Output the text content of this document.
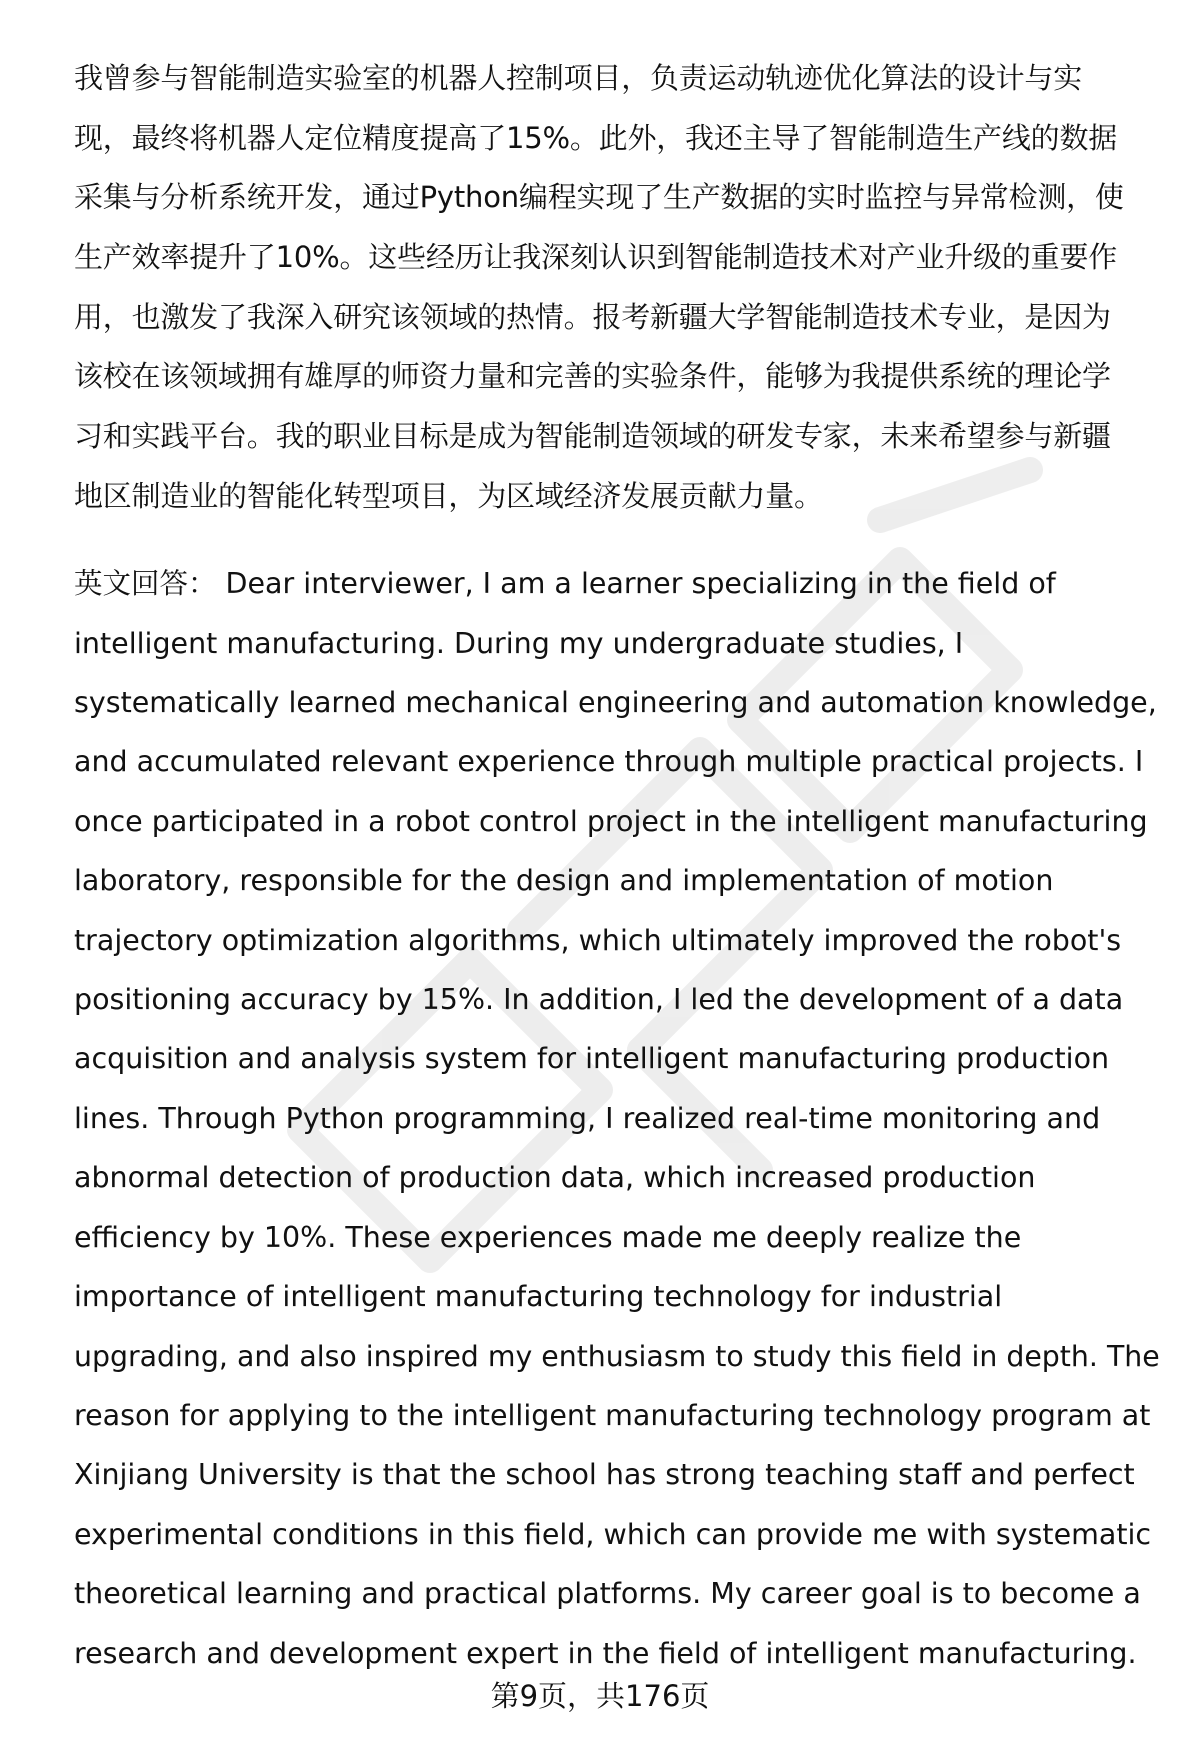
我曾参与智能制造实验室的机器人控制项目，负责运动轨迹优化算法的设计与实
现，最终将机器人定位精度提高了15%。此外，我还主导了智能制造生产线的数据
采集与分析系统开发，通过Python编程实现了生产数据的实时监控与异常检测，使
生产效率提升了10%。这些经历让我深刻认识到智能制造技术对产业升级的重要作
用，也激发了我深入研究该领域的热情。报考新疆大学智能制造技术专业，是因为
该校在该领域拥有雄厚的师资力量和完善的实验条件，能够为我提供系统的理论学
习和实践平台。我的职业目标是成为智能制造领域的研发专家，未来希望参与新疆
地区制造业的智能化转型项目，为区域经济发展贡献力量。
英文回答： Dear interviewer, I am a learner specializing in the field of
intelligent manufacturing. During my undergraduate studies, I
systematically learned mechanical engineering and automation knowledge,
and accumulated relevant experience through multiple practical projects. I
once participated in a robot control project in the intelligent manufacturing
laboratory, responsible for the design and implementation of motion
trajectory optimization algorithms, which ultimately improved the robot's
positioning accuracy by 15%. In addition, I led the development of a data
acquisition and analysis system for intelligent manufacturing production
lines. Through Python programming, I realized real-time monitoring and
abnormal detection of production data, which increased production
efficiency by 10%. These experiences made me deeply realize the
importance of intelligent manufacturing technology for industrial
upgrading, and also inspired my enthusiasm to study this field in depth. The
reason for applying to the intelligent manufacturing technology program at
Xinjiang University is that the school has strong teaching staff and perfect
experimental conditions in this field, which can provide me with systematic
theoretical learning and practical platforms. My career goal is to become a
research and development expert in the field of intelligent manufacturing.
第9页，共176页
